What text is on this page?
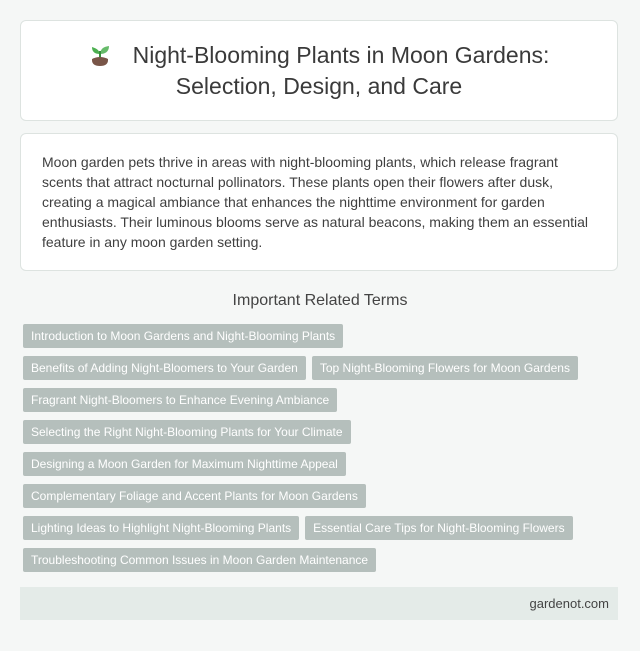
Night-Blooming Plants in Moon Gardens:
Selection, Design, and Care

Moon garden pets thrive in areas with night-blooming plants, which release fragrant scents that attract nocturnal pollinators. These plants open their flowers after dusk, creating a magical ambiance that enhances the nighttime environment for garden enthusiasts. Their luminous blooms serve as natural beacons, making them an essential feature in any moon garden setting.

Important Related Terms
Introduction to Moon Gardens and Night-Blooming Plants
Benefits of Adding Night-Bloomers to Your Garden	Top Night-Blooming Flowers for Moon Gardens
Fragrant Night-Bloomers to Enhance Evening Ambiance
Selecting the Right Night-Blooming Plants for Your Climate
Designing a Moon Garden for Maximum Nighttime Appeal
Complementary Foliage and Accent Plants for Moon Gardens
Lighting Ideas to Highlight Night-Blooming Plants	Essential Care Tips for Night-Blooming Flowers
Troubleshooting Common Issues in Moon Garden Maintenance
gardenot.com
